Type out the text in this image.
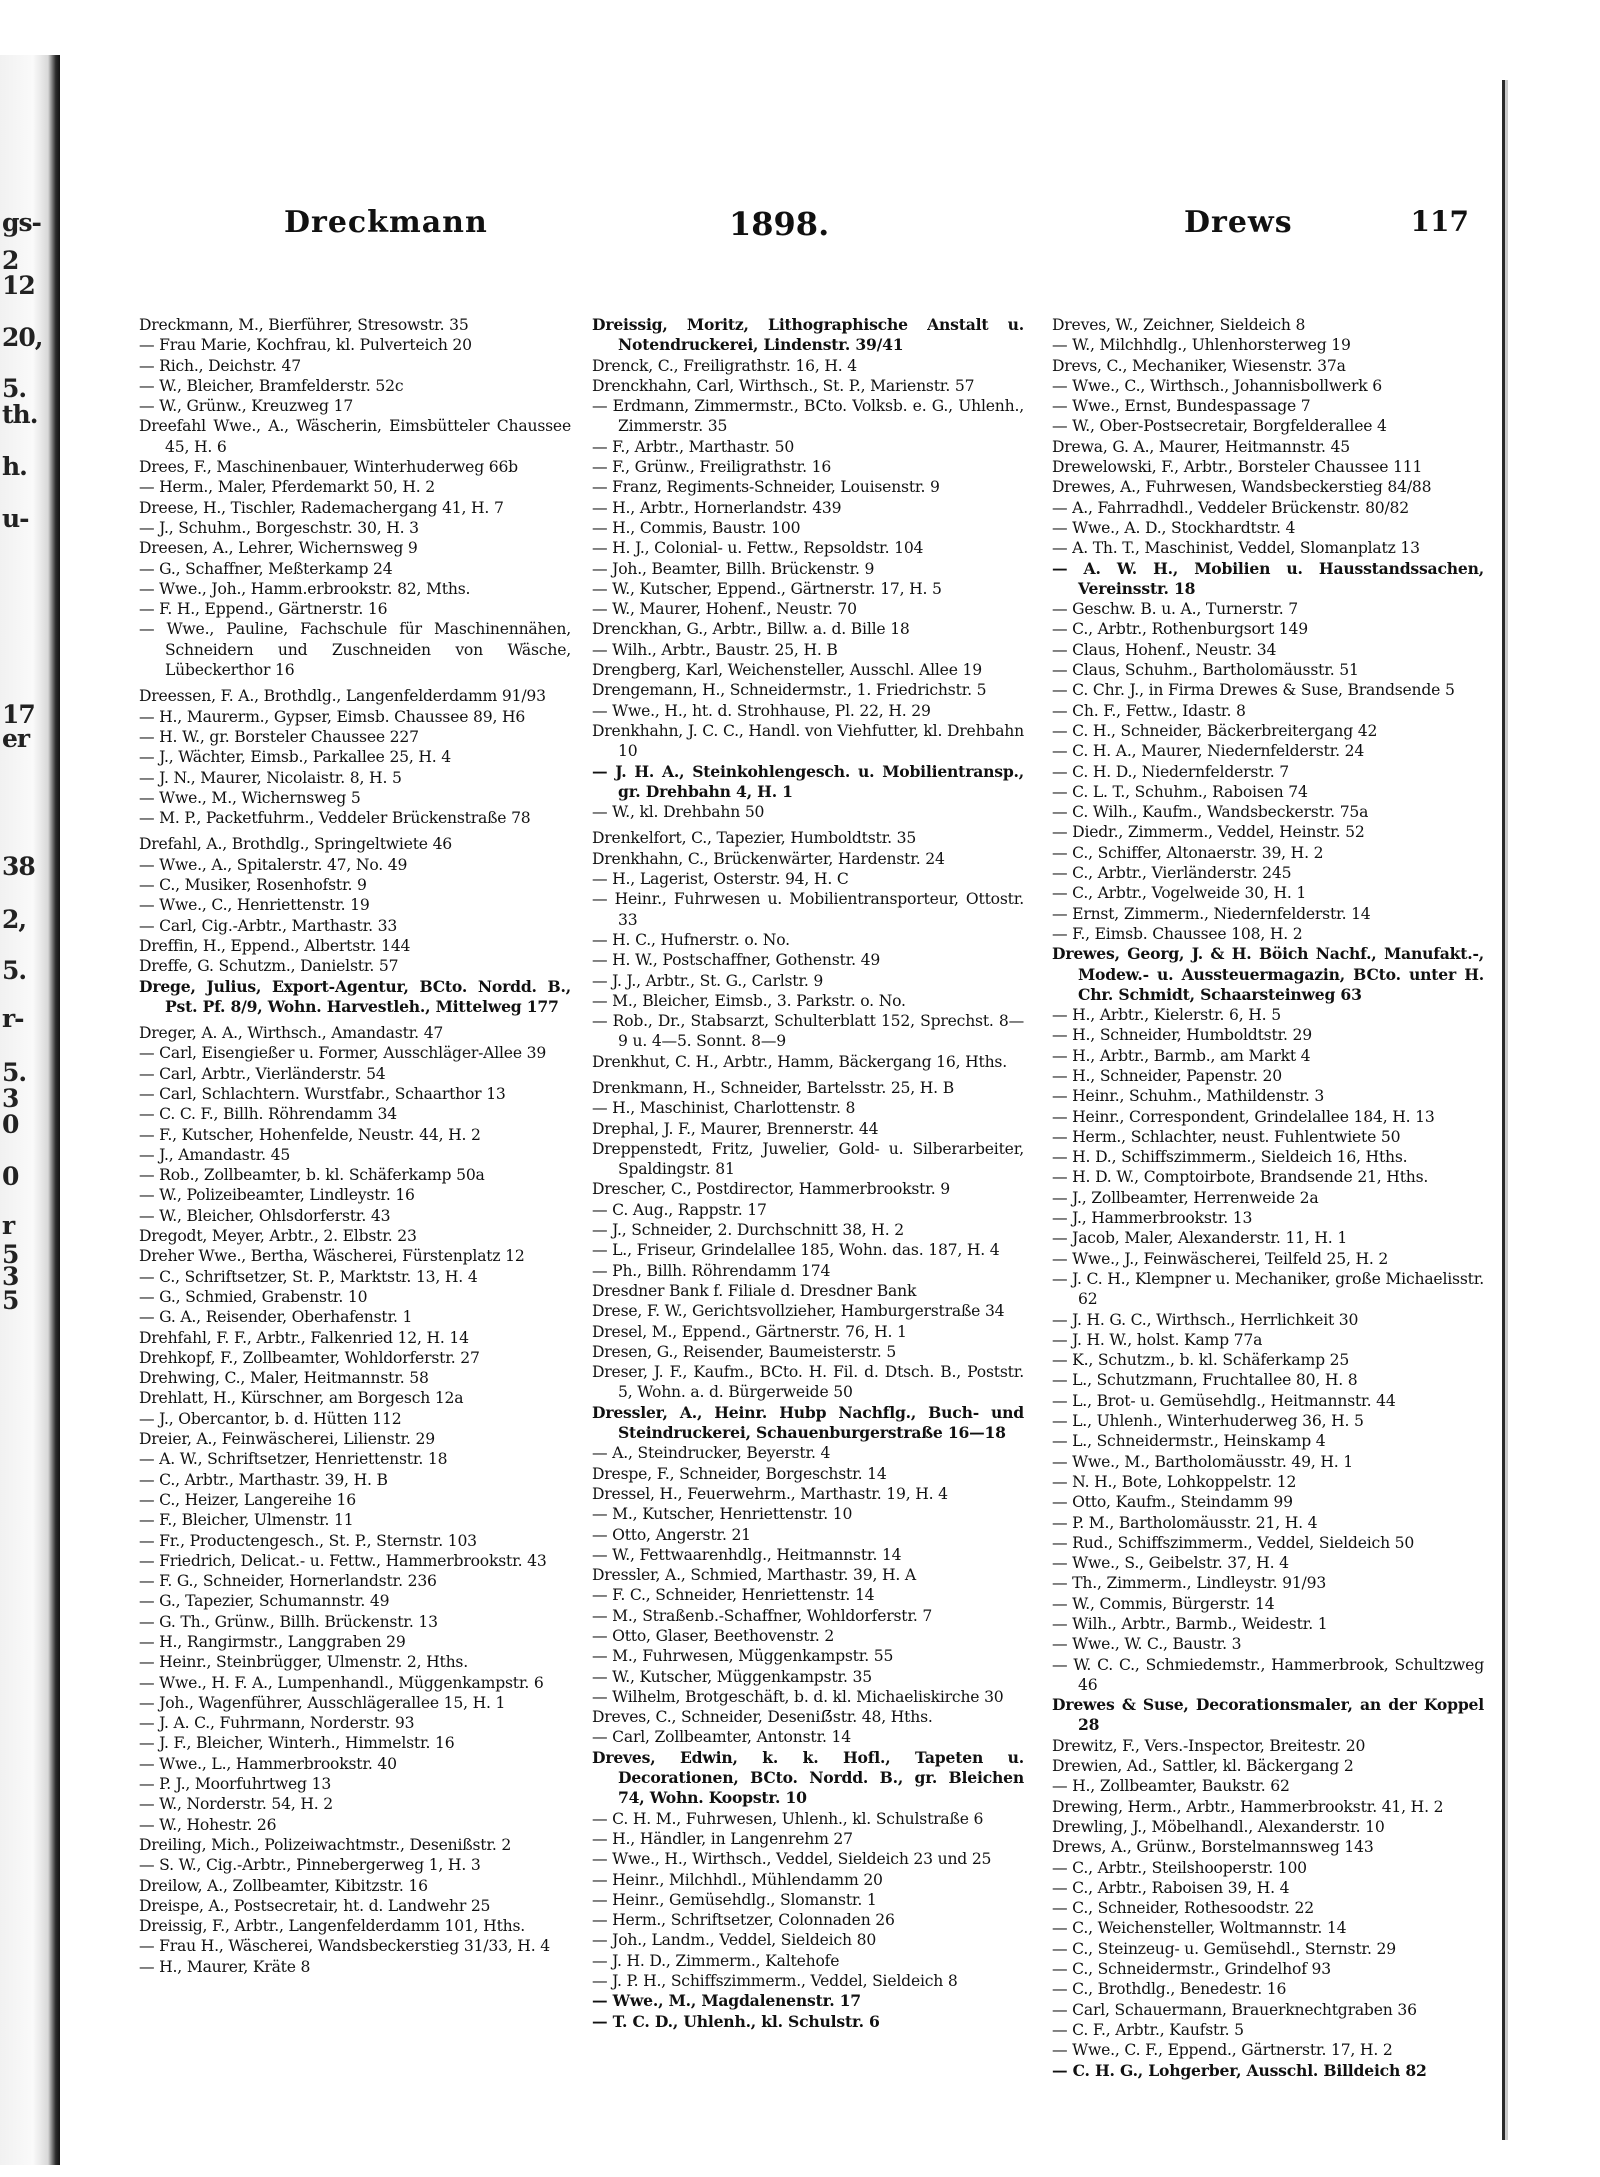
gs-
2
12
20,
5.
th.
h.
u-
17
er
38
2,
5.
r-
5.
3
0
0
r
5
3
5
Dreckmann	1898.	Drews	117
Dreckmann, M., Bierführer, Stresowstr. 35
— Frau Marie, Kochfrau, kl. Pulverteich 20
— Rich., Deichstr. 47
— W., Bleicher, Bramfelderstr. 52c
— W., Grünw., Kreuzweg 17
Dreefahl Wwe., A., Wäscherin, Eimsbütteler Chaussee 45, H. 6
Drees, F., Maschinenbauer, Winterhuderweg 66b
— Herm., Maler, Pferdemarkt 50, H. 2
Dreese, H., Tischler, Rademachergang 41, H. 7
— J., Schuhm., Borgeschstr. 30, H. 3
Dreesen, A., Lehrer, Wichernsweg 9
— G., Schaffner, Meßterkamp 24
— Wwe., Joh., Hamm.erbrookstr. 82, Mths.
— F. H., Eppend., Gärtnerstr. 16
— Wwe., Pauline, Fachschule für Maschinennähen, Schneidern und Zuschneiden von Wäsche, Lübeckerthor 16
Dreessen, F. A., Brothdlg., Langenfelderdamm 91/93
— H., Maurerm., Gypser, Eimsb. Chaussee 89, H6
— H. W., gr. Borsteler Chaussee 227
— J., Wächter, Eimsb., Parkallee 25, H. 4
— J. N., Maurer, Nicolaistr. 8, H. 5
— Wwe., M., Wichernsweg 5
— M. P., Packetfuhrm., Veddeler Brückenstraße 78
Drefahl, A., Brothdlg., Springeltwiete 46
— Wwe., A., Spitalerstr. 47, No. 49
— C., Musiker, Rosenhofstr. 9
— Wwe., C., Henriettenstr. 19
— Carl, Cig.-Arbtr., Marthastr. 33
Dreffin, H., Eppend., Albertstr. 144
Dreffe, G. Schutzm., Danielstr. 57
Drege, Julius, Export-Agentur, BCto. Nordd. B., Pst. Pf. 8/9, Wohn. Harvestleh., Mittelweg 177
Dreger, A. A., Wirthsch., Amandastr. 47
— Carl, Eisengießer u. Former, Ausschläger-Allee 39
— Carl, Arbtr., Vierländerstr. 54
— Carl, Schlachtern. Wurstfabr., Schaarthor 13
— C. C. F., Billh. Röhrendamm 34
— F., Kutscher, Hohenfelde, Neustr. 44, H. 2
— J., Amandastr. 45
— Rob., Zollbeamter, b. kl. Schäferkamp 50a
— W., Polizeibeamter, Lindleystr. 16
— W., Bleicher, Ohlsdorferstr. 43
Dregodt, Meyer, Arbtr., 2. Elbstr. 23
Dreher Wwe., Bertha, Wäscherei, Fürstenplatz 12
— C., Schriftsetzer, St. P., Marktstr. 13, H. 4
— G., Schmied, Grabenstr. 10
— G. A., Reisender, Oberhafenstr. 1
Drehfahl, F. F., Arbtr., Falkenried 12, H. 14
Drehkopf, F., Zollbeamter, Wohldorferstr. 27
Drehwing, C., Maler, Heitmannstr. 58
Drehlatt, H., Kürschner, am Borgesch 12a
— J., Obercantor, b. d. Hütten 112
Dreier, A., Feinwäscherei, Lilienstr. 29
— A. W., Schriftsetzer, Henriettenstr. 18
— C., Arbtr., Marthastr. 39, H. B
— C., Heizer, Langereihe 16
— F., Bleicher, Ulmenstr. 11
— Fr., Productengesch., St. P., Sternstr. 103
— Friedrich, Delicat.- u. Fettw., Hammerbrookstr. 43
— F. G., Schneider, Hornerlandstr. 236
— G., Tapezier, Schumannstr. 49
— G. Th., Grünw., Billh. Brückenstr. 13
— H., Rangirmstr., Langgraben 29
— Heinr., Steinbrügger, Ulmenstr. 2, Hths.
— Wwe., H. F. A., Lumpenhandl., Müggenkampstr. 6
— Joh., Wagenführer, Ausschlägerallee 15, H. 1
— J. A. C., Fuhrmann, Norderstr. 93
— J. F., Bleicher, Winterh., Himmelstr. 16
— Wwe., L., Hammerbrookstr. 40
— P. J., Moorfuhrtweg 13
— W., Norderstr. 54, H. 2
— W., Hohestr. 26
Dreiling, Mich., Polizeiwachtmstr., Desenißstr. 2
— S. W., Cig.-Arbtr., Pinnebergerweg 1, H. 3
Dreilow, A., Zollbeamter, Kibitzstr. 16
Dreispe, A., Postsecretair, ht. d. Landwehr 25
Dreissig, F., Arbtr., Langenfelderdamm 101, Hths.
— Frau H., Wäscherei, Wandsbeckerstieg 31/33, H. 4
— H., Maurer, Kräte 8
Dreissig, Moritz, Lithographische Anstalt u. Notendruckerei, Lindenstr. 39/41
Drenck, C., Freiligrathstr. 16, H. 4
Drenckhahn, Carl, Wirthsch., St. P., Marienstr. 57
— Erdmann, Zimmermstr., BCto. Volksb. e. G., Uhlenh., Zimmerstr. 35
— F., Arbtr., Marthastr. 50
— F., Grünw., Freiligrathstr. 16
— Franz, Regiments-Schneider, Louisenstr. 9
— H., Arbtr., Hornerlandstr. 439
— H., Commis, Baustr. 100
— H. J., Colonial- u. Fettw., Repsoldstr. 104
— Joh., Beamter, Billh. Brückenstr. 9
— W., Kutscher, Eppend., Gärtnerstr. 17, H. 5
— W., Maurer, Hohenf., Neustr. 70
Drenckhan, G., Arbtr., Billw. a. d. Bille 18
— Wilh., Arbtr., Baustr. 25, H. B
Drengberg, Karl, Weichensteller, Ausschl. Allee 19
Drengemann, H., Schneidermstr., 1. Friedrichstr. 5
— Wwe., H., ht. d. Strohhause, Pl. 22, H. 29
Drenkhahn, J. C. C., Handl. von Viehfutter, kl. Drehbahn 10
— J. H. A., Steinkohlengesch. u. Mobilientransp., gr. Drehbahn 4, H. 1
— W., kl. Drehbahn 50
Drenkelfort, C., Tapezier, Humboldtstr. 35
Drenkhahn, C., Brückenwärter, Hardenstr. 24
— H., Lagerist, Osterstr. 94, H. C
— Heinr., Fuhrwesen u. Mobilientransporteur, Ottostr. 33
— H. C., Hufnerstr. o. No.
— H. W., Postschaffner, Gothenstr. 49
— J. J., Arbtr., St. G., Carlstr. 9
— M., Bleicher, Eimsb., 3. Parkstr. o. No.
— Rob., Dr., Stabsarzt, Schulterblatt 152, Sprechst. 8—9 u. 4—5. Sonnt. 8—9
Drenkhut, C. H., Arbtr., Hamm, Bäckergang 16, Hths.
Drenkmann, H., Schneider, Bartelsstr. 25, H. B
— H., Maschinist, Charlottenstr. 8
Drephal, J. F., Maurer, Brennerstr. 44
Dreppenstedt, Fritz, Juwelier, Gold- u. Silberarbeiter, Spaldingstr. 81
Drescher, C., Postdirector, Hammerbrookstr. 9
— C. Aug., Rappstr. 17
— J., Schneider, 2. Durchschnitt 38, H. 2
— L., Friseur, Grindelallee 185, Wohn. das. 187, H. 4
— Ph., Billh. Röhrendamm 174
Dresdner Bank f. Filiale d. Dresdner Bank
Drese, F. W., Gerichtsvollzieher, Hamburgerstraße 34
Dresel, M., Eppend., Gärtnerstr. 76, H. 1
Dresen, G., Reisender, Baumeisterstr. 5
Dreser, J. F., Kaufm., BCto. H. Fil. d. Dtsch. B., Poststr. 5, Wohn. a. d. Bürgerweide 50
Dressler, A., Heinr. Hubp Nachflg., Buch- und Steindruckerei, Schauenburgerstraße 16—18
— A., Steindrucker, Beyerstr. 4
Drespe, F., Schneider, Borgeschstr. 14
Dressel, H., Feuerwehrm., Marthastr. 19, H. 4
— M., Kutscher, Henriettenstr. 10
— Otto, Angerstr. 21
— W., Fettwaarenhdlg., Heitmannstr. 14
Dressler, A., Schmied, Marthastr. 39, H. A
— F. C., Schneider, Henriettenstr. 14
— M., Straßenb.-Schaffner, Wohldorferstr. 7
— Otto, Glaser, Beethovenstr. 2
— M., Fuhrwesen, Müggenkampstr. 55
— W., Kutscher, Müggenkampstr. 35
— Wilhelm, Brotgeschäft, b. d. kl. Michaeliskirche 30
Dreves, C., Schneider, Deseniẞstr. 48, Hths.
— Carl, Zollbeamter, Antonstr. 14
Dreves, Edwin, k. k. Hofl., Tapeten u. Decorationen, BCto. Nordd. B., gr. Bleichen 74, Wohn. Koopstr. 10
— C. H. M., Fuhrwesen, Uhlenh., kl. Schulstraße 6
— H., Händler, in Langenrehm 27
— Wwe., H., Wirthsch., Veddel, Sieldeich 23 und 25
— Heinr., Milchhdl., Mühlendamm 20
— Heinr., Gemüsehdlg., Slomanstr. 1
— Herm., Schriftsetzer, Colonnaden 26
— Joh., Landm., Veddel, Sieldeich 80
— J. H. D., Zimmerm., Kaltehofe
— J. P. H., Schiffszimmerm., Veddel, Sieldeich 8
— Wwe., M., Magdalenenstr. 17
— T. C. D., Uhlenh., kl. Schulstr. 6
Dreves, W., Zeichner, Sieldeich 8
— W., Milchhdlg., Uhlenhorsterweg 19
Drevs, C., Mechaniker, Wiesenstr. 37a
— Wwe., C., Wirthsch., Johannisbollwerk 6
— Wwe., Ernst, Bundespassage 7
— W., Ober-Postsecretair, Borgfelderallee 4
Drewa, G. A., Maurer, Heitmannstr. 45
Drewelowski, F., Arbtr., Borsteler Chaussee 111
Drewes, A., Fuhrwesen, Wandsbeckerstieg 84/88
— A., Fahrradhdl., Veddeler Brückenstr. 80/82
— Wwe., A. D., Stockhardtstr. 4
— A. Th. T., Maschinist, Veddel, Slomanplatz 13
— A. W. H., Mobilien u. Hausstandssachen, Vereinsstr. 18
— Geschw. B. u. A., Turnerstr. 7
— C., Arbtr., Rothenburgsort 149
— Claus, Hohenf., Neustr. 34
— Claus, Schuhm., Bartholomäusstr. 51
— C. Chr. J., in Firma Drewes & Suse, Brandsende 5
— Ch. F., Fettw., Idastr. 8
— C. H., Schneider, Bäckerbreitergang 42
— C. H. A., Maurer, Niedernfelderstr. 24
— C. H. D., Niedernfelderstr. 7
— C. L. T., Schuhm., Raboisen 74
— C. Wilh., Kaufm., Wandsbeckerstr. 75a
— Diedr., Zimmerm., Veddel, Heinstr. 52
— C., Schiffer, Altonaerstr. 39, H. 2
— C., Arbtr., Vierländerstr. 245
— C., Arbtr., Vogelweide 30, H. 1
— Ernst, Zimmerm., Niedernfelderstr. 14
— F., Eimsb. Chaussee 108, H. 2
Drewes, Georg, J. & H. Böich Nachf., Manufakt.-, Modew.- u. Aussteuermagazin, BCto. unter H. Chr. Schmidt, Schaarsteinweg 63
— H., Arbtr., Kielerstr. 6, H. 5
— H., Schneider, Humboldtstr. 29
— H., Arbtr., Barmb., am Markt 4
— H., Schneider, Papenstr. 20
— Heinr., Schuhm., Mathildenstr. 3
— Heinr., Correspondent, Grindelallee 184, H. 13
— Herm., Schlachter, neust. Fuhlentwiete 50
— H. D., Schiffszimmerm., Sieldeich 16, Hths.
— H. D. W., Comptoirbote, Brandsende 21, Hths.
— J., Zollbeamter, Herrenweide 2a
— J., Hammerbrookstr. 13
— Jacob, Maler, Alexanderstr. 11, H. 1
— Wwe., J., Feinwäscherei, Teilfeld 25, H. 2
— J. C. H., Klempner u. Mechaniker, große Michaelisstr. 62
— J. H. G. C., Wirthsch., Herrlichkeit 30
— J. H. W., holst. Kamp 77a
— K., Schutzm., b. kl. Schäferkamp 25
— L., Schutzmann, Fruchtallee 80, H. 8
— L., Brot- u. Gemüsehdlg., Heitmannstr. 44
— L., Uhlenh., Winterhuderweg 36, H. 5
— L., Schneidermstr., Heinskamp 4
— Wwe., M., Bartholomäusstr. 49, H. 1
— N. H., Bote, Lohkoppelstr. 12
— Otto, Kaufm., Steindamm 99
— P. M., Bartholomäusstr. 21, H. 4
— Rud., Schiffszimmerm., Veddel, Sieldeich 50
— Wwe., S., Geibelstr. 37, H. 4
— Th., Zimmerm., Lindleystr. 91/93
— W., Commis, Bürgerstr. 14
— Wilh., Arbtr., Barmb., Weidestr. 1
— Wwe., W. C., Baustr. 3
— W. C. C., Schmiedemstr., Hammerbrook, Schultzweg 46
Drewes & Suse, Decorationsmaler, an der Koppel 28
Drewitz, F., Vers.-Inspector, Breitestr. 20
Drewien, Ad., Sattler, kl. Bäckergang 2
— H., Zollbeamter, Baukstr. 62
Drewing, Herm., Arbtr., Hammerbrookstr. 41, H. 2
Drewling, J., Möbelhandl., Alexanderstr. 10
Drews, A., Grünw., Borstelmannsweg 143
— C., Arbtr., Steilshooperstr. 100
— C., Arbtr., Raboisen 39, H. 4
— C., Schneider, Rothesoodstr. 22
— C., Weichensteller, Woltmannstr. 14
— C., Steinzeug- u. Gemüsehdl., Sternstr. 29
— C., Schneidermstr., Grindelhof 93
— C., Brothdlg., Benedestr. 16
— Carl, Schauermann, Brauerknechtgraben 36
— C. F., Arbtr., Kaufstr. 5
— Wwe., C. F., Eppend., Gärtnerstr. 17, H. 2
— C. H. G., Lohgerber, Ausschl. Billdeich 82
